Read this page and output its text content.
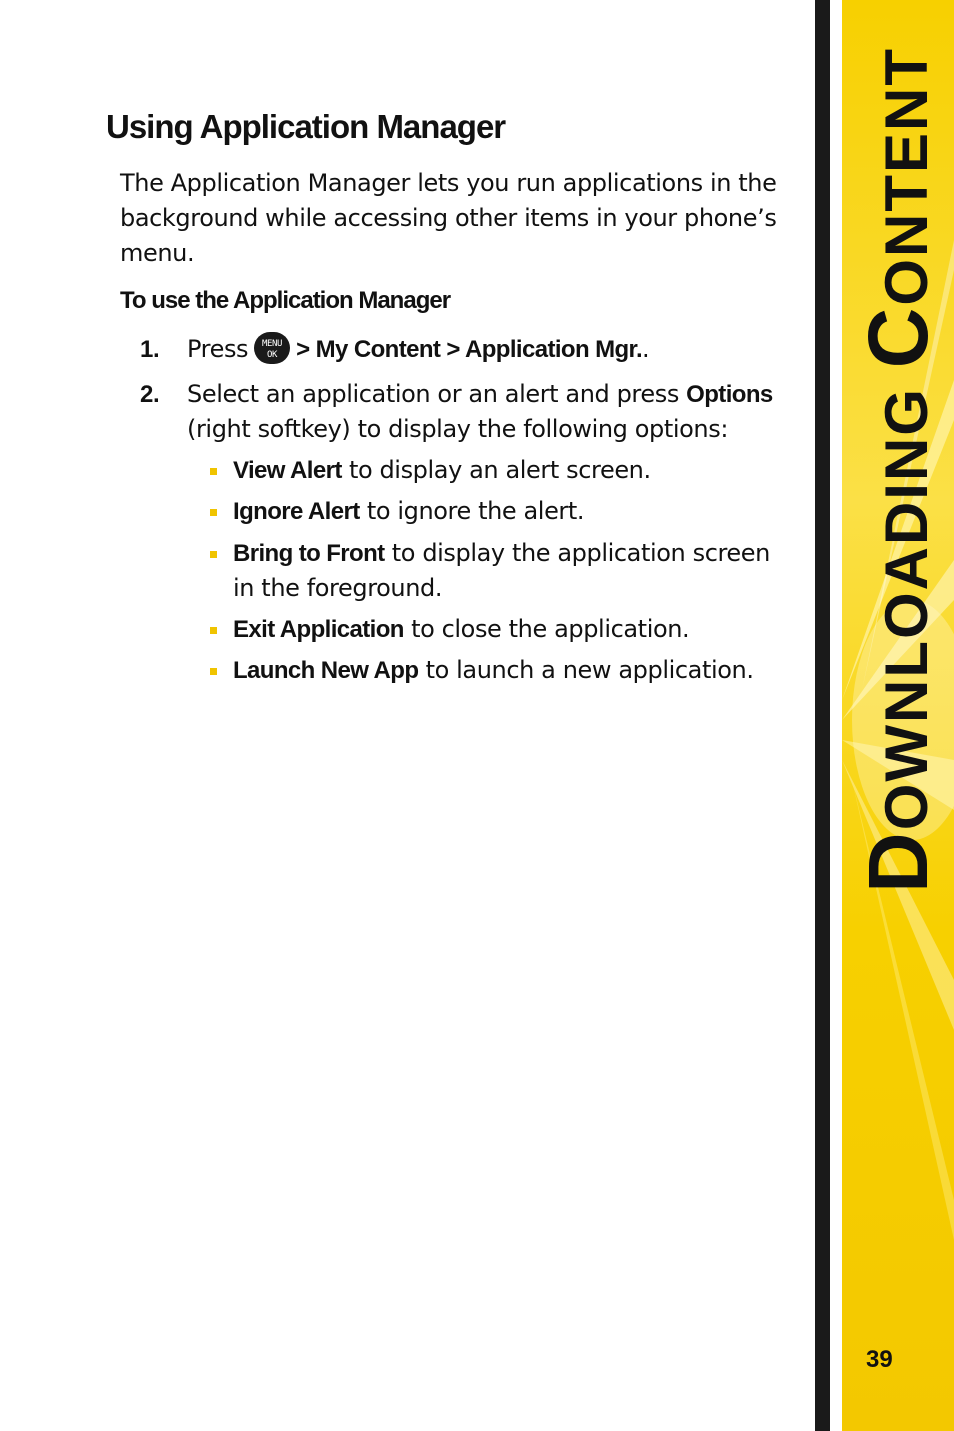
Using Application Manager

The Application Manager lets you run applications in the background while accessing other items in your phone’s menu.

To use the Application Manager
1. Press MENU
OK > My Content > Application Mgr..
2. Select an application or an alert and press Options (right softkey) to display the following options:
View Alert to display an alert screen.
Ignore Alert to ignore the alert.
Bring to Front to display the application screen in the foreground.
Exit Application to close the application.
Launch New App to launch a new application.
DOWNLOADING CONTENT
39
